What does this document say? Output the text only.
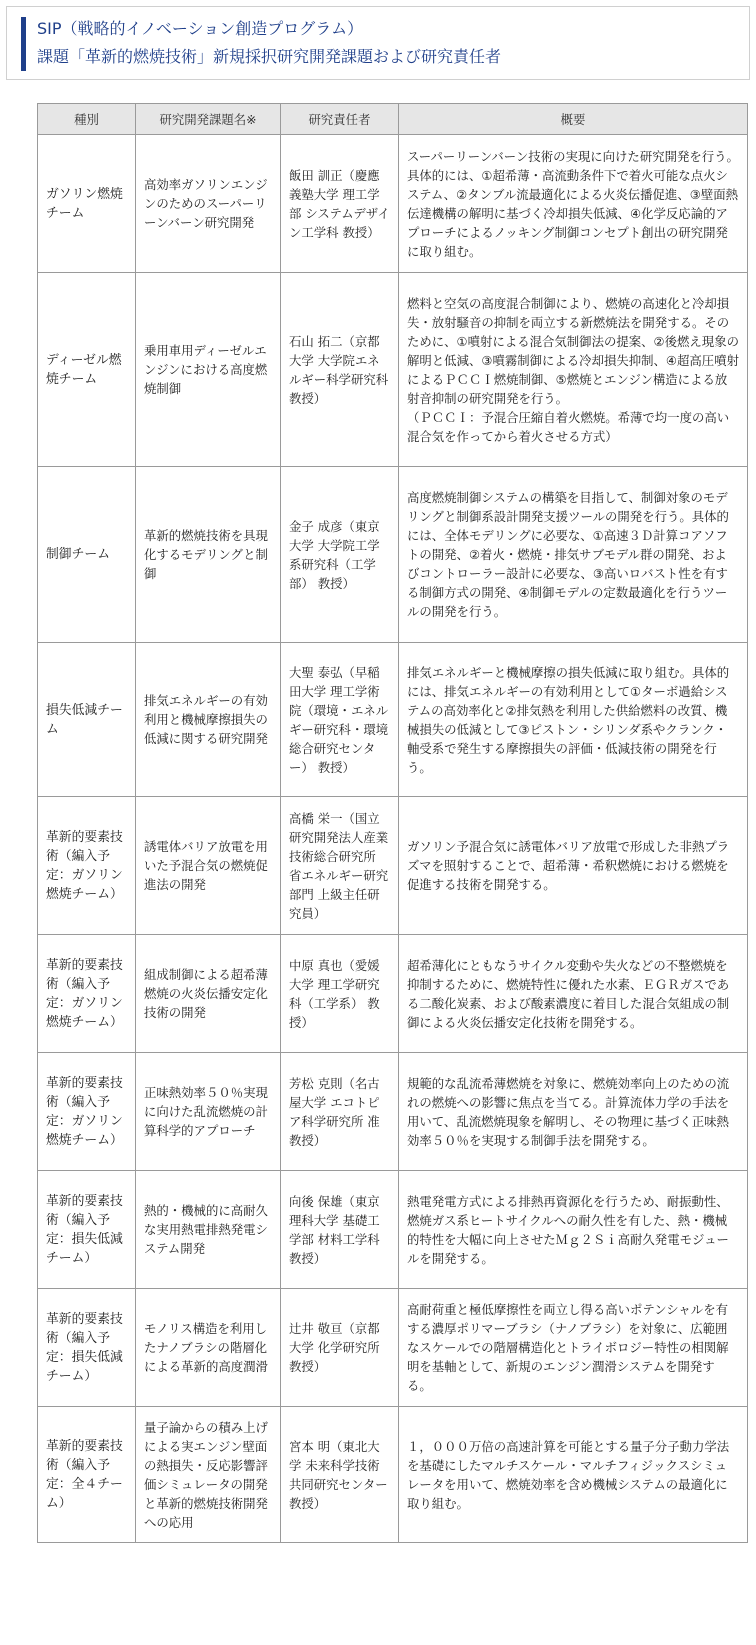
SIP（戦略的イノベーション創造プログラム）
課題「革新的燃焼技術」新規採択研究開発課題および研究責任者
種別	研究開発課題名※	研究責任者	概要
ガソリン燃焼チーム	高効率ガソリンエンジンのためのスーパーリーンバーン研究開発	飯田 訓正（慶應義塾大学 理工学部 システムデザイン工学科 教授）	スーパーリーンバーン技術の実現に向けた研究開発を行う。具体的には、①超希薄・高流動条件下で着火可能な点火システム、②タンブル流最適化による火炎伝播促進、③壁面熱伝達機構の解明に基づく冷却損失低減、④化学反応論的アプローチによるノッキング制御コンセプト創出の研究開発に取り組む。
ディーゼル燃焼チーム	乗用車用ディーゼルエンジンにおける高度燃焼制御	石山 拓二（京都大学 大学院エネルギー科学研究科 教授）	燃料と空気の高度混合制御により、燃焼の高速化と冷却損失・放射騒音の抑制を両立する新燃焼法を開発する。そのために、①噴射による混合気制御法の提案、②後燃え現象の解明と低減、③噴霧制御による冷却損失抑制、④超高圧噴射によるＰＣＣＩ燃焼制御、⑤燃焼とエンジン構造による放射音抑制の研究開発を行う。
（ＰＣＣＩ：予混合圧縮自着火燃焼。希薄で均一度の高い混合気を作ってから着火させる方式）
制御チーム	革新的燃焼技術を具現化するモデリングと制御	金子 成彦（東京大学 大学院工学系研究科（工学部） 教授）	高度燃焼制御システムの構築を目指して、制御対象のモデリングと制御系設計開発支援ツールの開発を行う。具体的には、全体モデリングに必要な、①高速３Ｄ計算コアソフトの開発、②着火・燃焼・排気サブモデル群の開発、およびコントローラー設計に必要な、③高いロバスト性を有する制御方式の開発、④制御モデルの定数最適化を行うツールの開発を行う。
損失低減チーム	排気エネルギーの有効利用と機械摩擦損失の低減に関する研究開発	大聖 泰弘（早稲田大学 理工学術院（環境・エネルギー研究科・環境総合研究センター） 教授）	排気エネルギーと機械摩擦の損失低減に取り組む。具体的には、排気エネルギーの有効利用として①ターボ過給システムの高効率化と②排気熱を利用した供給燃料の改質、機械損失の低減として③ピストン・シリンダ系やクランク・軸受系で発生する摩擦損失の評価・低減技術の開発を行う。
革新的要素技術（編入予定：ガソリン燃焼チーム）	誘電体バリア放電を用いた予混合気の燃焼促進法の開発	高橋 栄一（国立研究開発法人産業技術総合研究所 省エネルギー研究部門 上級主任研究員）	ガソリン予混合気に誘電体バリア放電で形成した非熱プラズマを照射することで、超希薄・希釈燃焼における燃焼を促進する技術を開発する。
革新的要素技術（編入予定：ガソリン燃焼チーム）	組成制御による超希薄燃焼の火炎伝播安定化技術の開発	中原 真也（愛媛大学 理工学研究科（工学系） 教授）	超希薄化にともなうサイクル変動や失火などの不整燃焼を抑制するために、燃焼特性に優れた水素、ＥＧＲガスである二酸化炭素、および酸素濃度に着目した混合気組成の制御による火炎伝播安定化技術を開発する。
革新的要素技術（編入予定：ガソリン燃焼チーム）	正味熱効率５０％実現に向けた乱流燃焼の計算科学的アプローチ	芳松 克則（名古屋大学 エコトピア科学研究所 准教授）	規範的な乱流希薄燃焼を対象に、燃焼効率向上のための流れの燃焼への影響に焦点を当てる。計算流体力学の手法を用いて、乱流燃焼現象を解明し、その物理に基づく正味熱効率５０％を実現する制御手法を開発する。
革新的要素技術（編入予定：損失低減チーム）	熱的・機械的に高耐久な実用熱電排熱発電システム開発	向後 保雄（東京理科大学 基礎工学部 材料工学科 教授）	熱電発電方式による排熱再資源化を行うため、耐振動性、燃焼ガス系ヒートサイクルへの耐久性を有した、熱・機械的特性を大幅に向上させたＭｇ２Ｓｉ高耐久発電モジュールを開発する。
革新的要素技術（編入予定：損失低減チーム）	モノリス構造を利用したナノブラシの階層化による革新的高度潤滑	辻井 敬亘（京都大学 化学研究所 教授）	高耐荷重と極低摩擦性を両立し得る高いポテンシャルを有する濃厚ポリマーブラシ（ナノブラシ）を対象に、広範囲なスケールでの階層構造化とトライボロジー特性の相関解明を基軸として、新規のエンジン潤滑システムを開発する。
革新的要素技術（編入予定：全４チーム）	量子論からの積み上げによる実エンジン壁面の熱損失・反応影響評価シミュレータの開発と革新的燃焼技術開発への応用	宮本 明（東北大学 未来科学技術共同研究センター 教授）	１，０００万倍の高速計算を可能とする量子分子動力学法を基礎にしたマルチスケール・マルチフィジックスシミュレータを用いて、燃焼効率を含め機械システムの最適化に取り組む。
